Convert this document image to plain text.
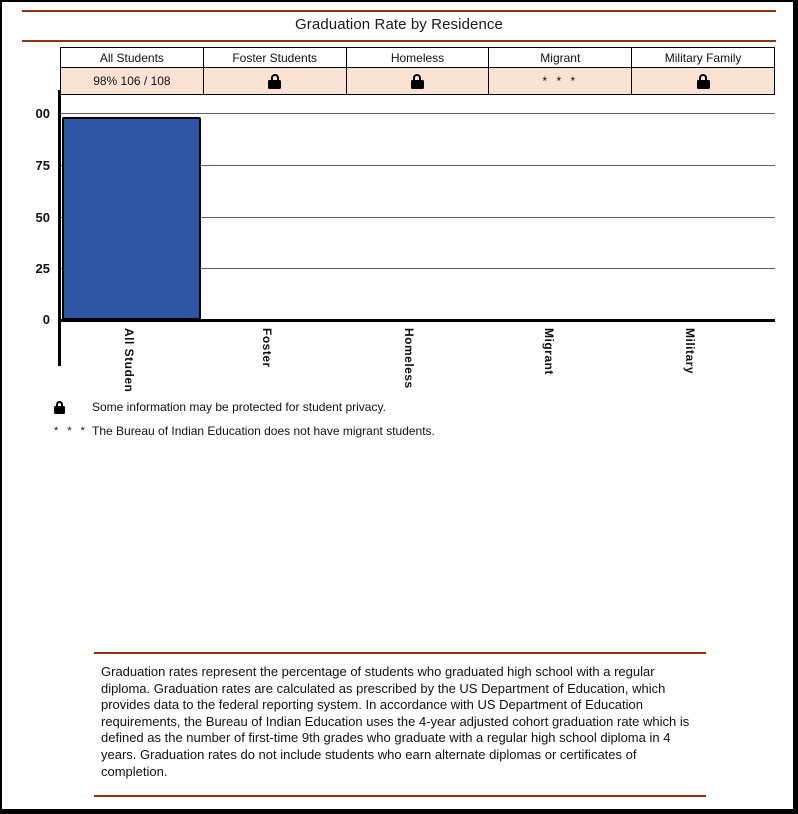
Graduation Rate by Residence
All Students	Foster Students	Homeless	Migrant	Military Family
98% 106 / 108			* * *	
00
75
50
25
0
All Studen	Foster	Homeless	Migrant	Military
Some information may be protected for student privacy.
* * * The Bureau of Indian Education does not have migrant students.
Graduation rates represent the percentage of students who graduated high school with a regular diploma. Graduation rates are calculated as prescribed by the US Department of Education, which provides data to the federal reporting system. In accordance with US Department of Education requirements, the Bureau of Indian Education uses the 4-year adjusted cohort graduation rate which is defined as the number of first-time 9th grades who graduate with a regular high school diploma in 4 years. Graduation rates do not include students who earn alternate diplomas or certificates of completion.
